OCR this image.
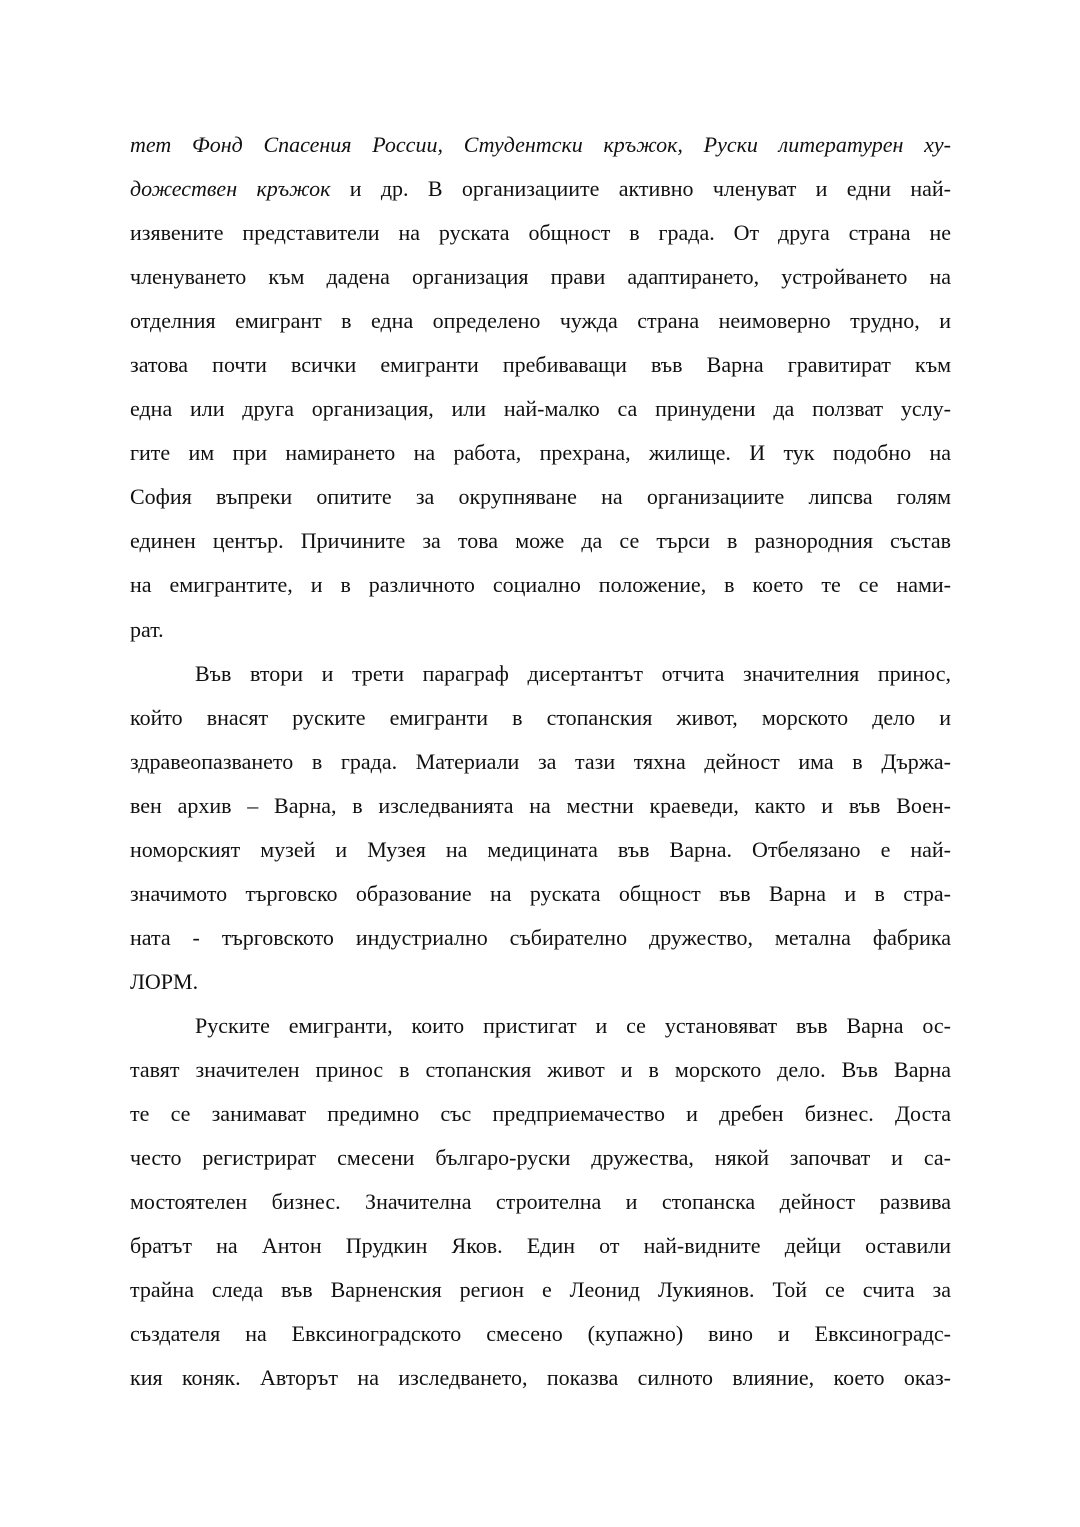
тет Фонд Спасения России, Студентски кръжок, Руски литературен ху-
дожествен кръжок и др. В организациите активно членуват и едни най-
изявените представители на руската общност в града. От друга страна не
членуването към дадена организация прави адаптирането, устройването на
отделния емигрант в една определено чужда страна неимоверно трудно, и
затова почти всички емигранти пребиваващи във Варна гравитират към
една или друга организация, или най-малко са принудени да ползват услу-
гите им при намирането на работа, прехрана, жилище. И тук подобно на
София въпреки опитите за окрупняване на организациите липсва голям
единен център. Причините за това може да се търси в разнородния състав
на емигрантите, и в различното социално положение, в което те се нами-
рат.
Във втори и трети параграф дисертантът отчита значителния принос,
който внасят руските емигранти в стопанския живот, морското дело и
здравеопазването в града. Материали за тази тяхна дейност има в Държа-
вен архив – Варна, в изследванията на местни краеведи, както и във Воен-
номорският музей и Музея на медицината във Варна. Отбелязано е най-
значимото търговско образование на руската общност във Варна и в стра-
ната - търговското индустриално събирателно дружество, метална фабрика
ЛОРМ.
Руските емигранти, които пристигат и се установяват във Варна ос-
тавят значителен принос в стопанския живот и в морското дело. Във Варна
те се занимават предимно със предприемачество и дребен бизнес. Доста
често регистрират смесени българо-руски дружества, някой започват и са-
мостоятелен бизнес. Значителна строителна и стопанска дейност развива
братът на Антон Прудкин Яков. Един от най-видните дейци оставили
трайна следа във Варненския регион е Леонид Лукиянов. Той се счита за
създателя на Евксиноградското смесено (купажно) вино и Евксиноградс-
кия коняк. Авторът на изследването, показва силното влияние, което оказ-
